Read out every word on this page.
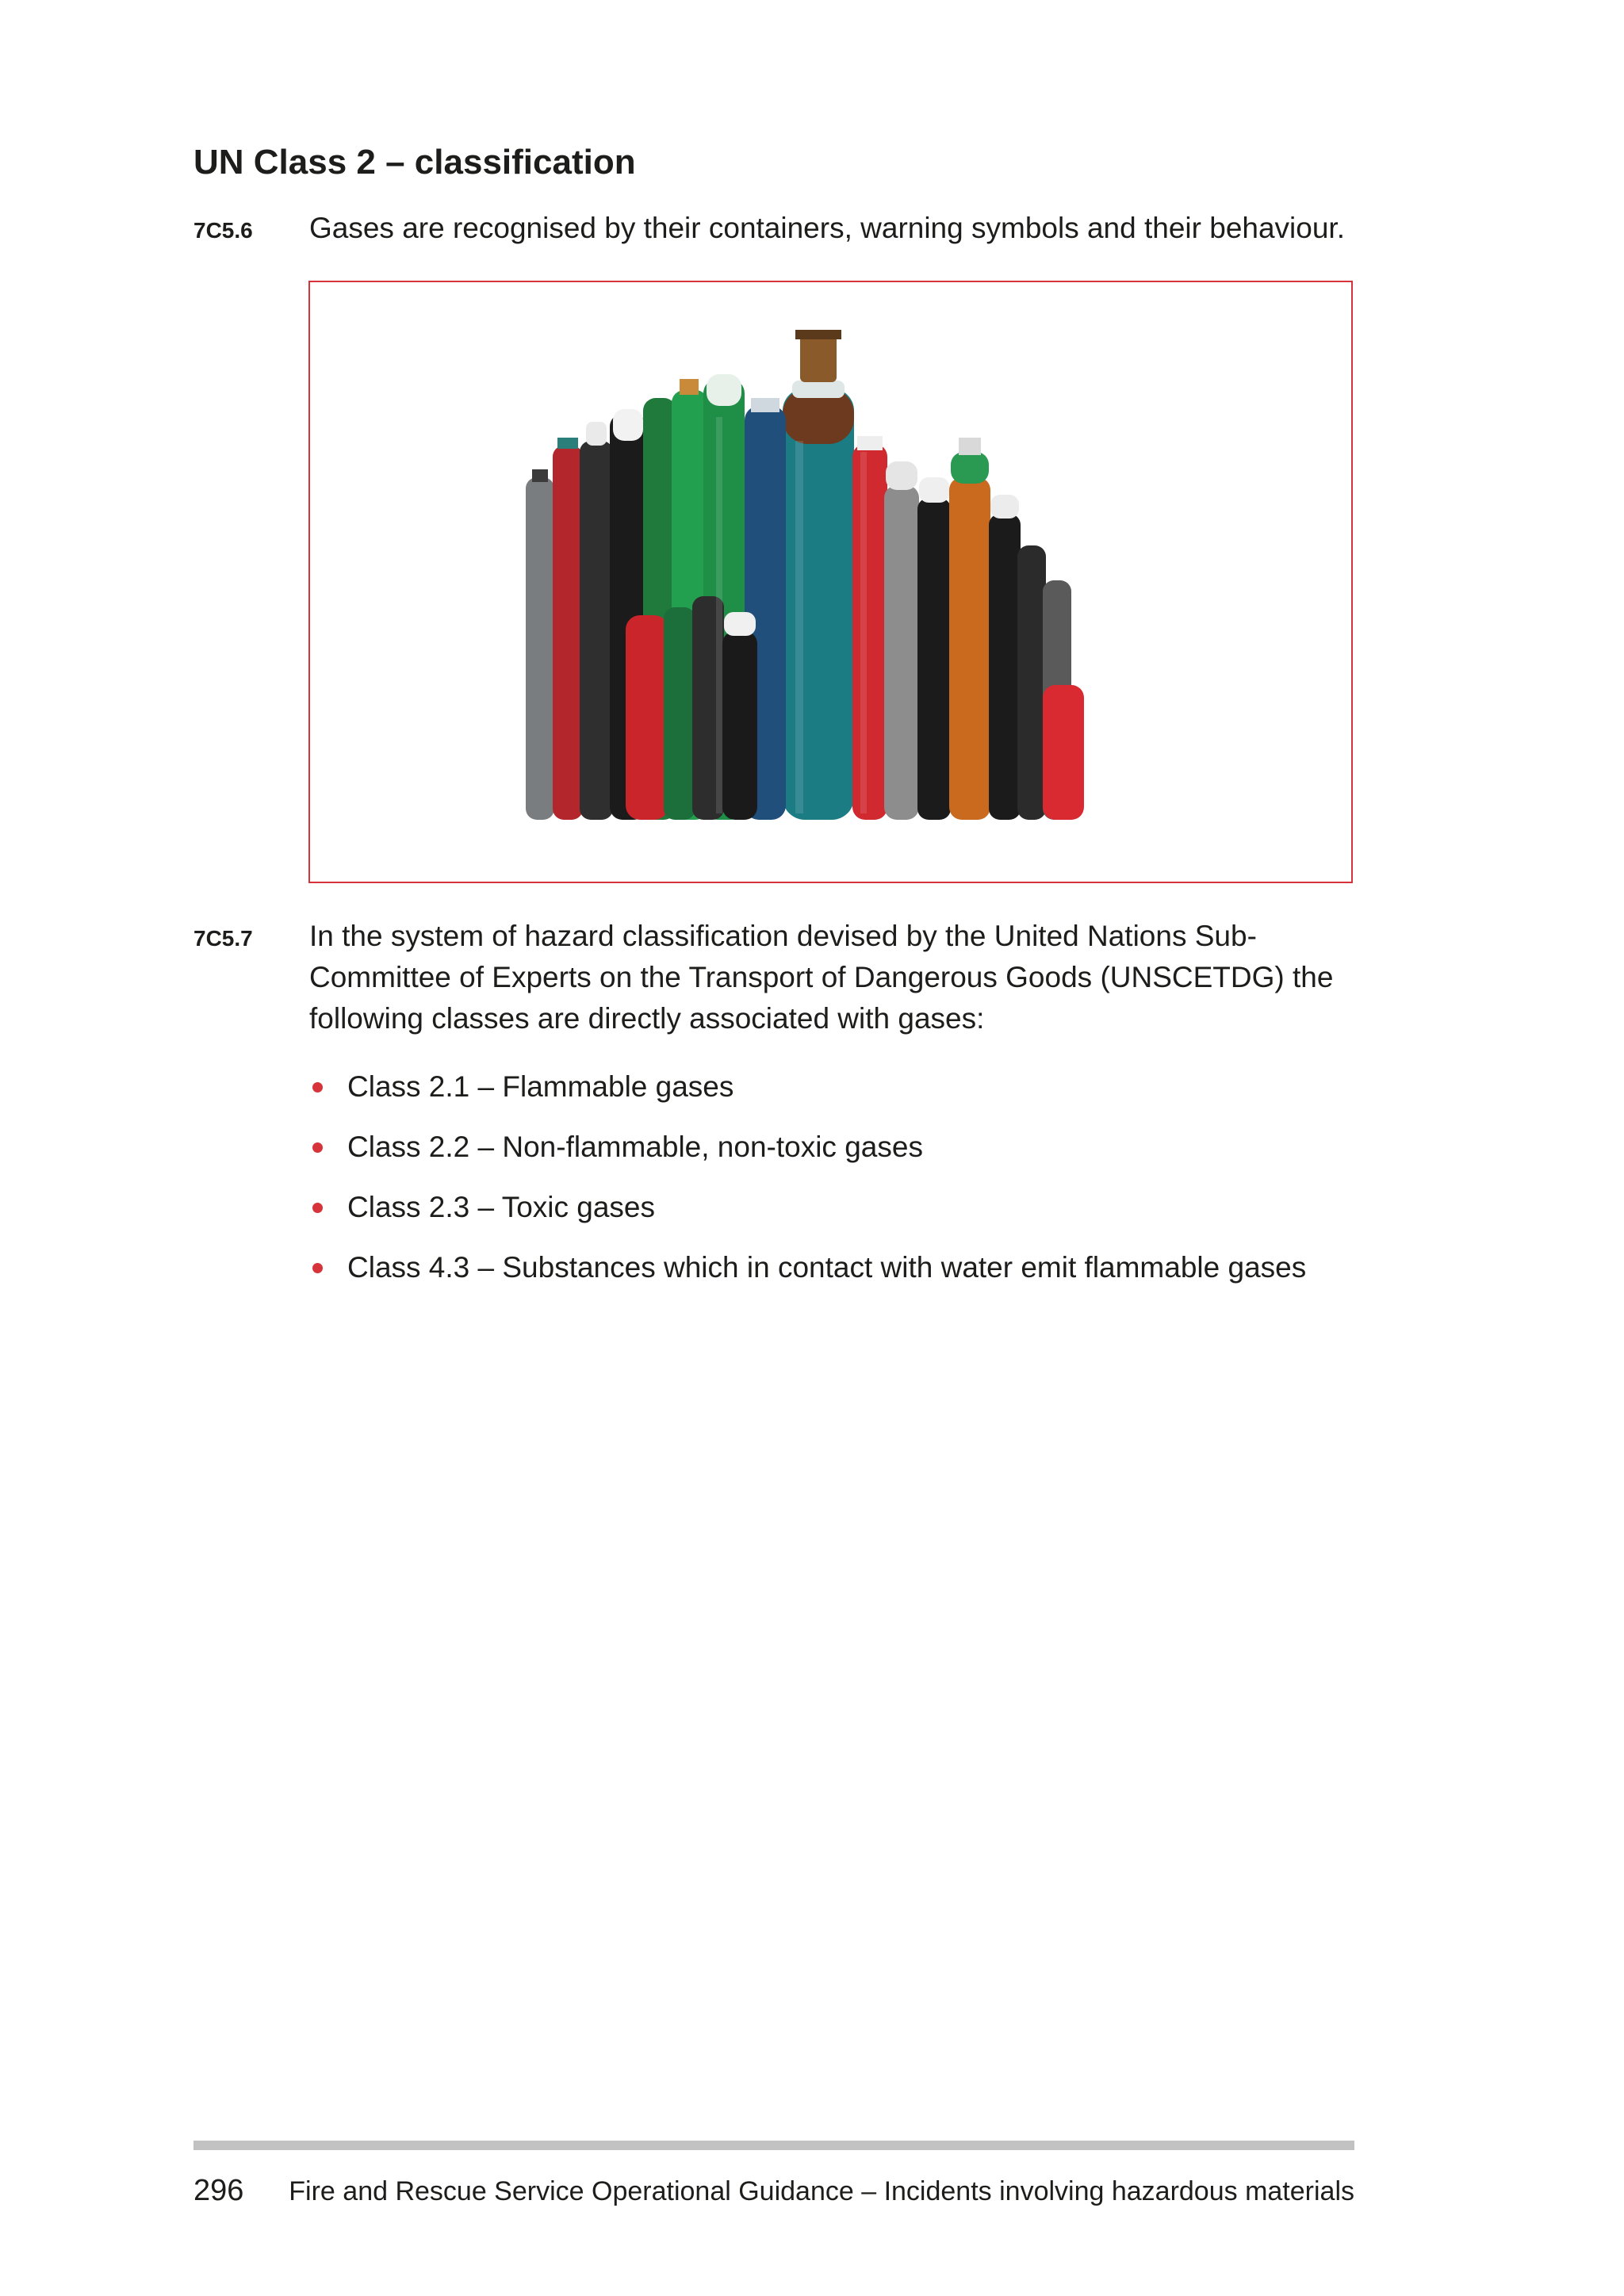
UN Class 2 – classification
7C5.6 Gases are recognised by their containers, warning symbols and their behaviour.
7C5.7 In the system of hazard classification devised by the United Nations Sub-Committee of Experts on the Transport of Dangerous Goods (UNSCETDG) the following classes are directly associated with gases:
Class 2.1 – Flammable gases
Class 2.2 – Non-flammable, non-toxic gases
Class 2.3 – Toxic gases
Class 4.3 – Substances which in contact with water emit flammable gases
296 Fire and Rescue Service Operational Guidance – Incidents involving hazardous materials
